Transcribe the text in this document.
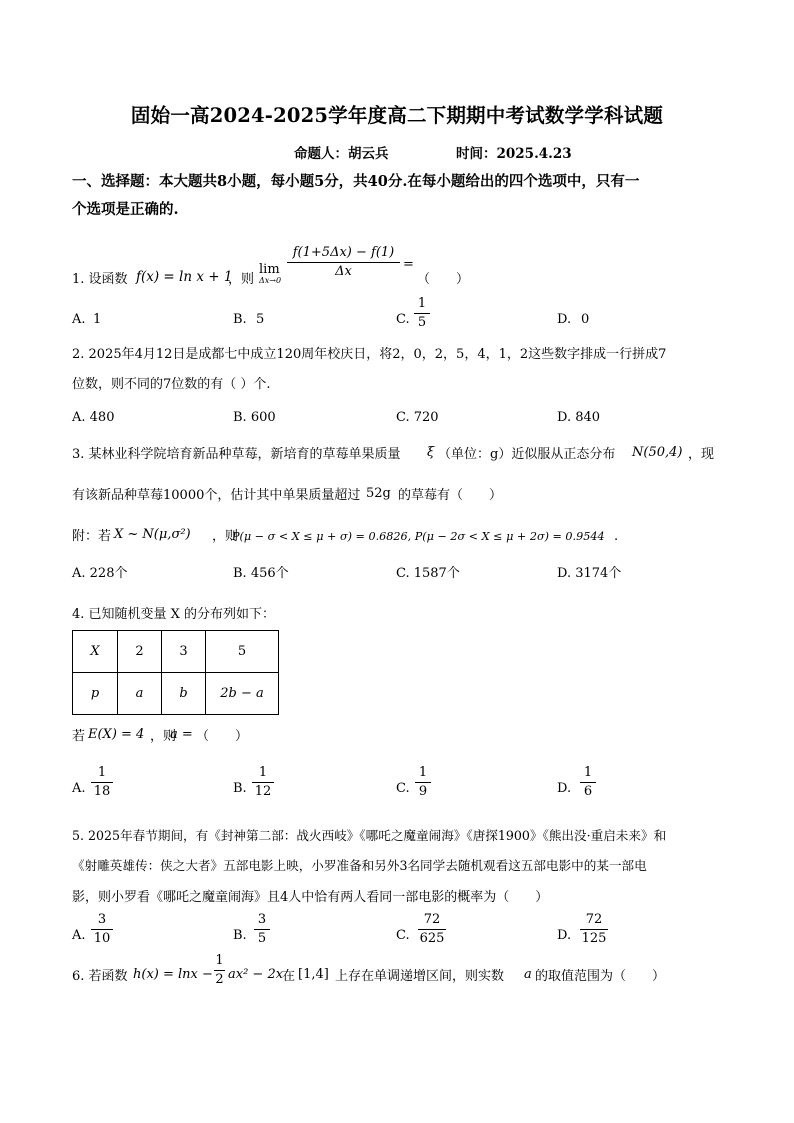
固始一高2024-2025学年度高二下期期中考试数学学科试题
命题人：胡云兵	时间：2025.4.23
一、选择题：本大题共8小题，每小题5分，共40分.在每小题给出的四个选项中，只有一
个选项是正确的.
1. 设函数 f(x) = ln x + 1
，则
lim
Δx→0
f(1+5Δx) − f(1)
Δx	=
（　　）
A. 1	B. 5	C.
1
5	D. 0
2. 2025年4月12日是成都七中成立120周年校庆日，将2，0，2，5，4，1，2这些数字排成一行拼成7
位数，则不同的7位数的有（ ）个.
A. 480	B. 600	C. 720	D. 840
3. 某林业科学院培育新品种草莓，新培育的草莓单果质量 ξ （单位：g）近似服从正态分布 N(50,4) ，现
有该新品种草莓10000个，估计其中单果质量超过 52g 的草莓有（　　）
附：若 X ~ N(μ,σ²) ，则
P(μ − σ < X ≤ μ + σ) = 0.6826, P(μ − 2σ < X ≤ μ + 2σ) = 0.9544 .
A. 228个	B. 456个	C. 1587个	D. 3174个
4. 已知随机变量 X 的分布列如下：
X	2	3	5
p	a	b	2b − a
若 E(X) = 4 ，则
a = （　　）
A.
1
18	B.
1
12	C.
1
9	D.
1
6
5. 2025年春节期间，有《封神第二部：战火西岐》《哪吒之魔童闹海》《唐探1900》《熊出没·重启未来》和
《射雕英雄传：侠之大者》五部电影上映，小罗准备和另外3名同学去随机观看这五部电影中的某一部电
影，则小罗看《哪吒之魔童闹海》且4人中恰有两人看同一部电影的概率为（　　）
A.
3
10	B.
3
5	C.
72
625	D.
72
125
6. 若函数 h(x) = lnx −
1
2 ax² − 2x
在 [1,4] 上存在单调递增区间，则实数 a 的取值范围为（　　）
